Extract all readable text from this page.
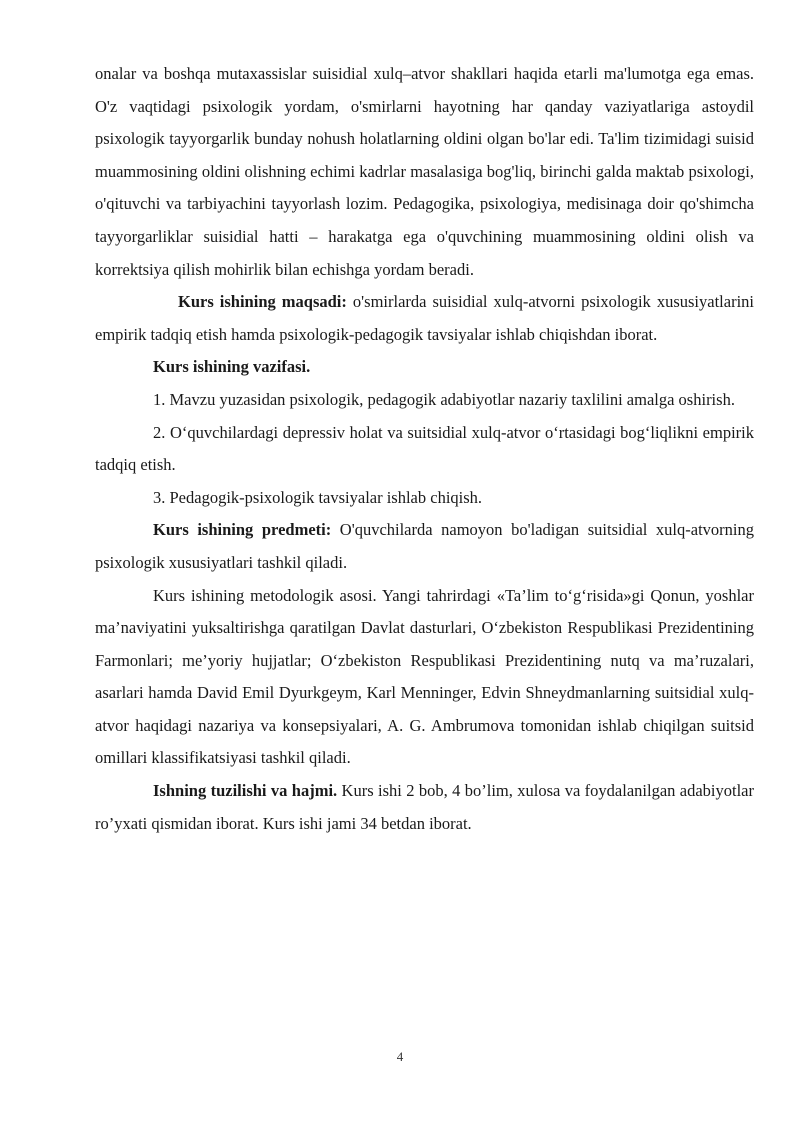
onalar va boshqa mutaxassislar suisidial xulq–atvor shakllari haqida etarli ma'lumotga ega emas. O'z vaqtidagi psixologik yordam, o'smirlarni hayotning har qanday vaziyatlariga astoydil psixologik tayyorgarlik bunday nohush holatlarning oldini olgan bo'lar edi. Ta'lim tizimidagi suisid muammosining oldini olishning echimi kadrlar masalasiga bog'liq, birinchi galda maktab psixologi, o'qituvchi va tarbiyachini tayyorlash lozim. Pedagogika, psixologiya, medisinaga doir qo'shimcha tayyorgarliklar suisidial hatti – harakatga ega o'quvchining muammosining oldini olish va korrektsiya qilish mohirlik bilan echishga yordam beradi.

Kurs ishining maqsadi: o'smirlarda suisidial xulq-atvorni psixologik xususiyatlarini empirik tadqiq etish hamda psixologik-pedagogik tavsiyalar ishlab chiqishdan iborat.

Kurs ishining vazifasi.

1. Mavzu yuzasidan psixologik, pedagogik adabiyotlar nazariy taxlilini amalga oshirish.

2. O‘quvchilardagi depressiv holat va suitsidial xulq-atvor o‘rtasidagi bog‘liqlikni empirik tadqiq etish.

3. Pedagogik-psixologik tavsiyalar ishlab chiqish.

Kurs ishining predmeti: O'quvchilarda namoyon bo'ladigan suitsidial xulq-atvorning psixologik xususiyatlari tashkil qiladi.

Kurs ishining metodologik asosi. Yangi tahrirdagi «Ta’lim to‘g‘risida»gi Qonun, yoshlar ma’naviyatini yuksaltirishga qaratilgan Davlat dasturlari, O‘zbekiston Respublikasi Prezidentining Farmonlari; me’yoriy hujjatlar; O‘zbekiston Respublikasi Prezidentining nutq va ma’ruzalari, asarlari hamda David Emil Dyurkgeym, Karl Menninger, Edvin Shneydmanlarning suitsidial xulq-atvor haqidagi nazariya va konsepsiyalari, A. G. Ambrumova tomonidan ishlab chiqilgan suitsid omillari klassifikatsiyasi tashkil qiladi.

Ishning tuzilishi va hajmi. Kurs ishi 2 bob, 4 bo’lim, xulosa va foydalanilgan adabiyotlar ro’yxati qismidan iborat. Kurs ishi jami 34 betdan iborat.

4
